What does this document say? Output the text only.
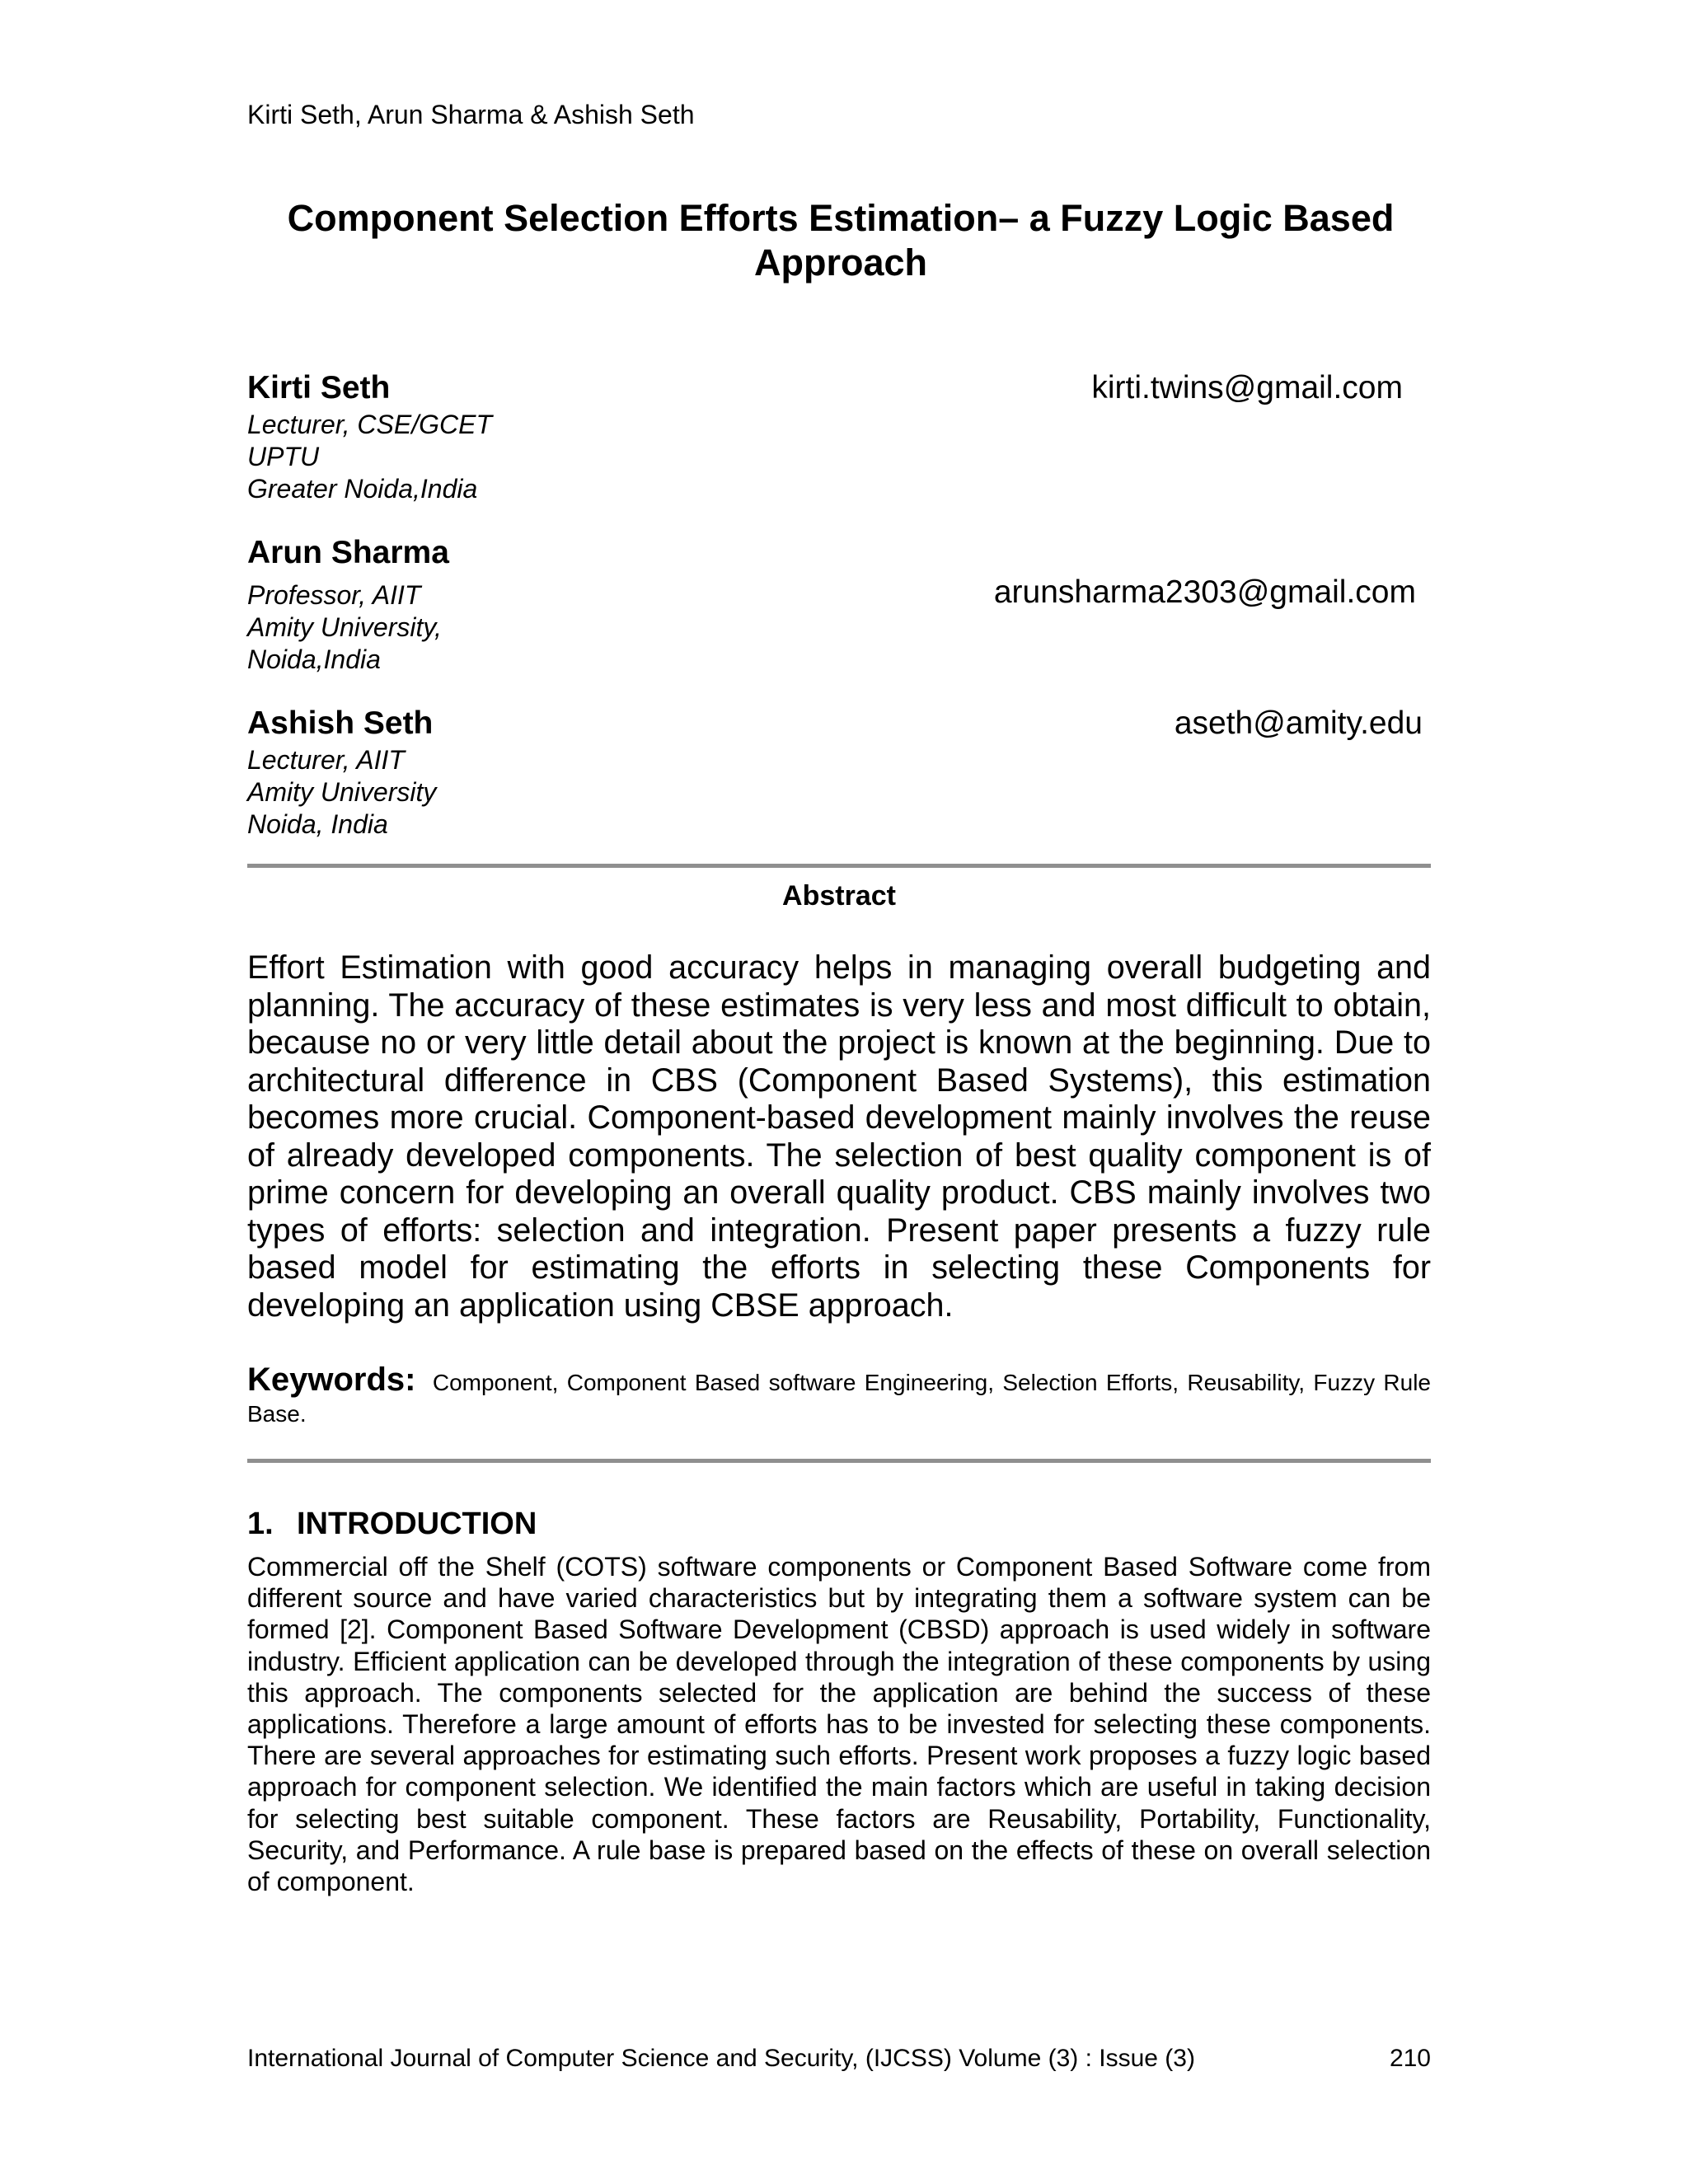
Kirti Seth, Arun Sharma & Ashish Seth
Component Selection Efforts Estimation– a Fuzzy Logic Based Approach
Kirti Seth	kirti.twins@gmail.com
Lecturer, CSE/GCET
UPTU
Greater Noida,India
Arun Sharma
arunsharma2303@gmail.com
Professor, AIIT
Amity University,
Noida,India
Ashish Seth	aseth@amity.edu
Lecturer, AIIT
Amity University
Noida, India
Abstract

Effort Estimation with good accuracy helps in managing overall budgeting and planning. The accuracy of these estimates is very less and most difficult to obtain, because no or very little detail about the project is known at the beginning. Due to architectural difference in CBS (Component Based Systems), this estimation becomes more crucial. Component-based development mainly involves the reuse of already developed components. The selection of best quality component is of prime concern for developing an overall quality product. CBS mainly involves two types of efforts: selection and integration. Present paper presents a fuzzy rule based model for estimating the efforts in selecting these Components for developing an application using CBSE approach.

Keywords: Component, Component Based software Engineering, Selection Efforts, Reusability, Fuzzy Rule Base.

1. INTRODUCTION

Commercial off the Shelf (COTS) software components or Component Based Software come from different source and have varied characteristics but by integrating them a software system can be formed [2]. Component Based Software Development (CBSD) approach is used widely in software industry. Efficient application can be developed through the integration of these components by using this approach. The components selected for the application are behind the success of these applications. Therefore a large amount of efforts has to be invested for selecting these components. There are several approaches for estimating such efforts. Present work proposes a fuzzy logic based approach for component selection. We identified the main factors which are useful in taking decision for selecting best suitable component. These factors are Reusability, Portability, Functionality, Security, and Performance. A rule base is prepared based on the effects of these on overall selection of component.

International Journal of Computer Science and Security, (IJCSS) Volume (3) : Issue (3)	210
